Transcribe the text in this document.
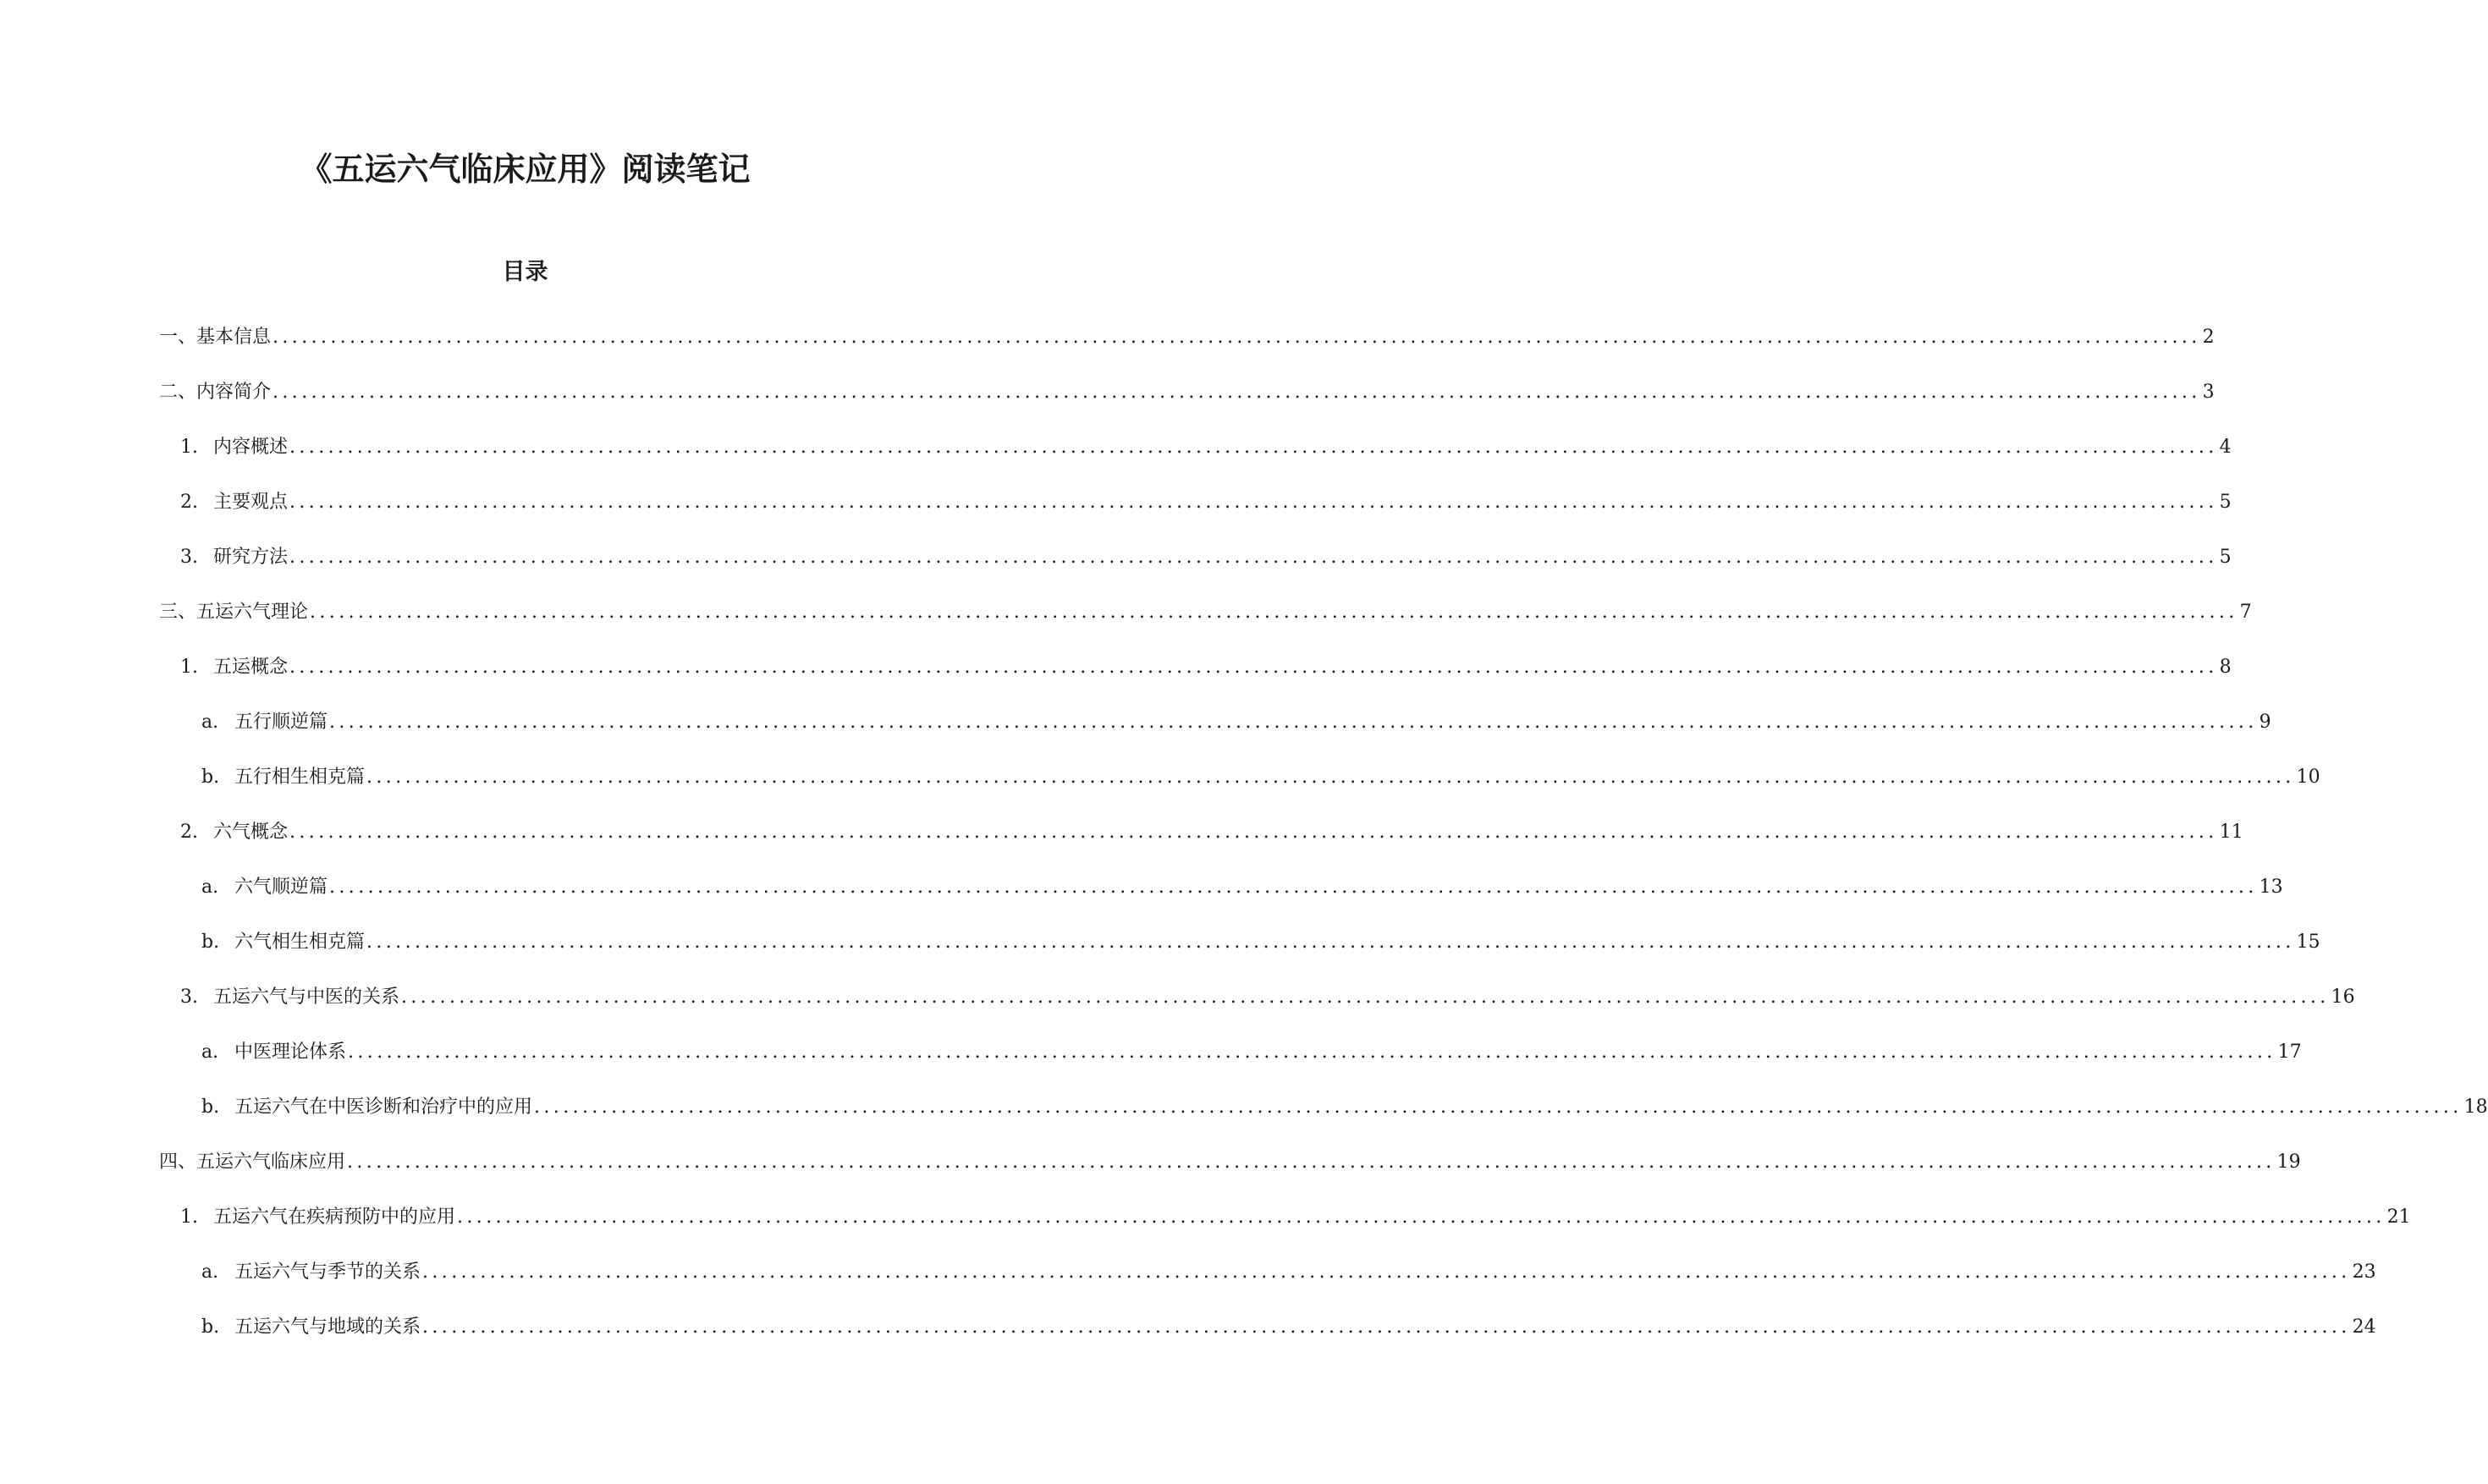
《五运六气临床应用》阅读笔记
目录
一、基本信息 ........................................................................................................................................................................................................ 2
二、内容简介 ........................................................................................................................................................................................................ 3
1. 内容概述 ........................................................................................................................................................................................................ 4
2. 主要观点 ........................................................................................................................................................................................................ 5
3. 研究方法 ........................................................................................................................................................................................................ 5
三、五运六气理论 ........................................................................................................................................................................................................ 7
1. 五运概念 ........................................................................................................................................................................................................ 8
a. 五行顺逆篇 ........................................................................................................................................................................................................ 9
b. 五行相生相克篇 ........................................................................................................................................................................................................ 10
2. 六气概念 ........................................................................................................................................................................................................ 11
a. 六气顺逆篇 ........................................................................................................................................................................................................ 13
b. 六气相生相克篇 ........................................................................................................................................................................................................ 15
3. 五运六气与中医的关系 ........................................................................................................................................................................................................ 16
a. 中医理论体系 ........................................................................................................................................................................................................ 17
b. 五运六气在中医诊断和治疗中的应用 ........................................................................................................................................................................................................ 18
四、五运六气临床应用 ........................................................................................................................................................................................................ 19
1. 五运六气在疾病预防中的应用 ........................................................................................................................................................................................................ 21
a. 五运六气与季节的关系 ........................................................................................................................................................................................................ 23
b. 五运六气与地域的关系 ........................................................................................................................................................................................................ 24
